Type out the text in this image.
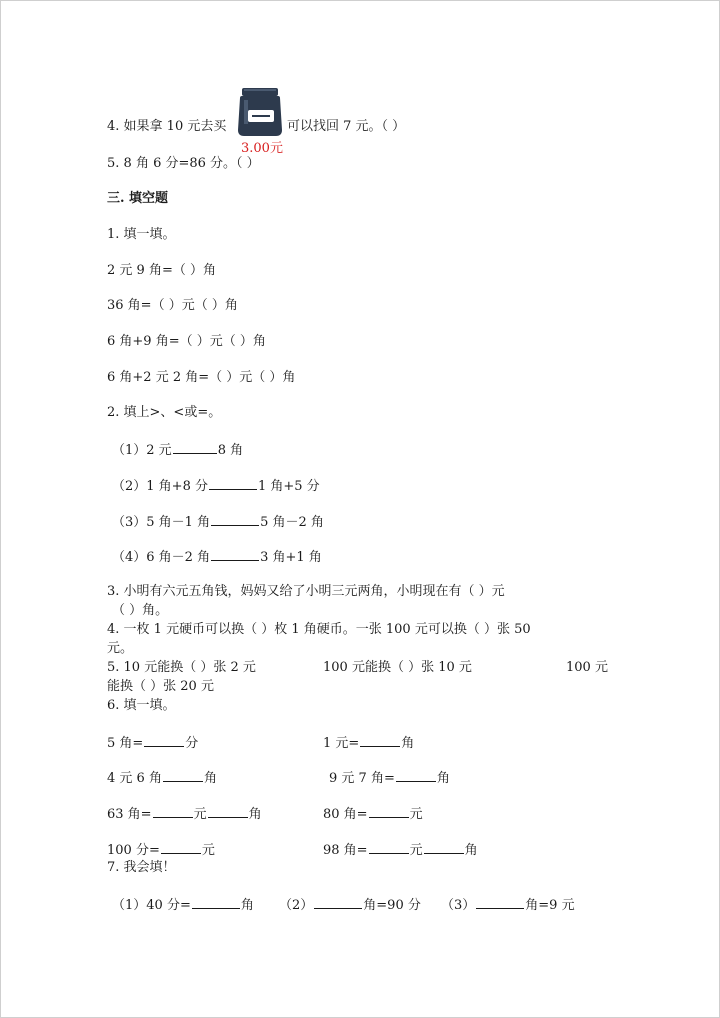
4. 如果拿 10 元去买
3.00元
可以找回 7 元。（ ）
5. 8 角 6 分=86 分。（ ）
三. 填空题
1. 填一填。
2 元 9 角=（ ）角
36 角=（ ）元（ ）角
6 角+9 角=（ ）元（ ）角
6 角+2 元 2 角=（ ）元（ ）角
2. 填上>、<或=。
（1）2 元	8 角
（2）1 角+8 分	1 角+5 分
（3）5 角－1 角	5 角－2 角
（4）6 角－2 角	3 角+1 角
3. 小明有六元五角钱，妈妈又给了小明三元两角，小明现在有（ ）元
（ ）角。
4. 一枚 1 元硬币可以换（ ）枚 1 角硬币。一张 100 元可以换（ ）张 50
元。
5. 10 元能换（ ）张 2 元	100 元能换（ ）张 10 元	100 元
能换（ ）张 20 元
6. 填一填。
5 角=	分	1 元=	角
4 元 6 角	角	9 元 7 角=	角
63 角=	元	角	80 角=	元
100 分=	元	98 角=	元	角
7. 我会填！
（1）40 分=	角 （2）	角=90 分 （3）	角=9 元
